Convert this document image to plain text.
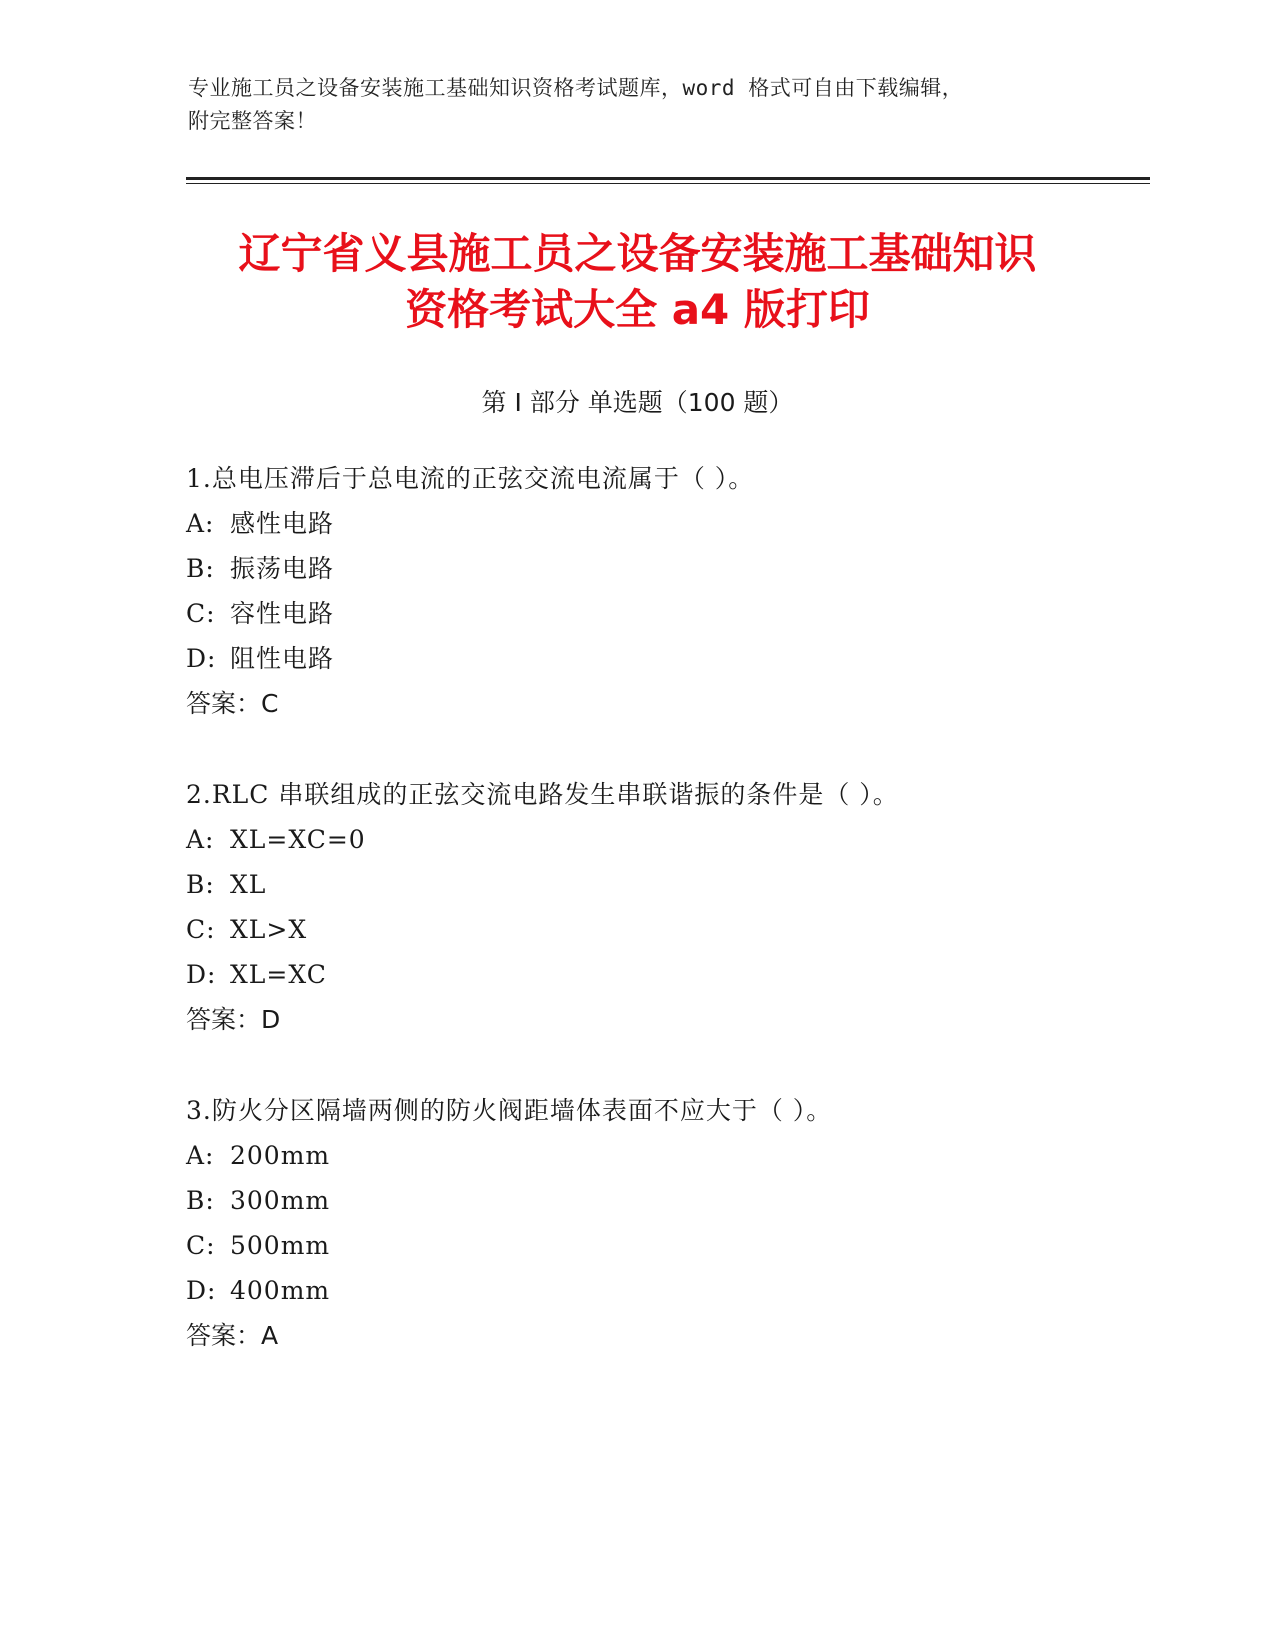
专业施工员之设备安装施工基础知识资格考试题库，word 格式可自由下载编辑，
附完整答案！
辽宁省义县施工员之设备安装施工基础知识
资格考试大全 a4 版打印
第 I 部分 单选题（100 题）
1.总电压滞后于总电流的正弦交流电流属于（ ）。
A: 感性电路
B: 振荡电路
C: 容性电路
D: 阻性电路
答案：C
2.RLC 串联组成的正弦交流电路发生串联谐振的条件是（ ）。
A: XL=XC=0
B: XL
C: XL>X
D: XL=XC
答案：D
3.防火分区隔墙两侧的防火阀距墙体表面不应大于（ ）。
A: 200mm
B: 300mm
C: 500mm
D: 400mm
答案：A
